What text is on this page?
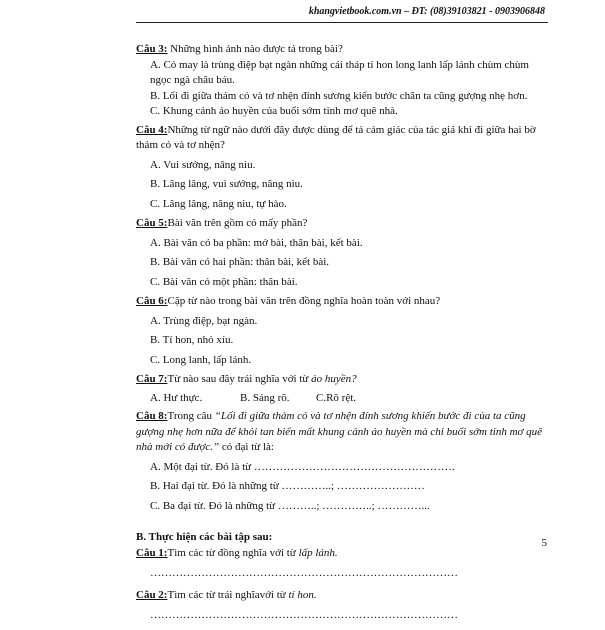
khangvietbook.com.vn – ĐT: (08)39103821 - 0903906848

Câu 3: Những hình ảnh nào được tả trong bài?

A. Cỏ may là trùng điệp bạt ngàn những cái tháp tí hon long lanh lấp lánh chùm chùm ngọc ngà châu báu.

B. Lối đi giữa thảm cỏ và tơ nhện đính sương kiến bước chân ta cũng gượng nhẹ hơn.

C. Khung cảnh ảo huyền của buổi sớm tinh mơ quê nhà.

Câu 4:Những từ ngữ nào dưới đây được dùng để tả cảm giác của tác giả khi đi giữa hai bờ thảm cỏ và tơ nhện?

A. Vui sướng, nâng niu.

B. Lâng lâng, vui sướng, nâng niu.

C. Lâng lâng, nâng niu, tự hào.

Câu 5:Bài văn trên gồm có mấy phần?

A. Bài văn có ba phần: mở bài, thân bài, kết bài.

B. Bài văn có hai phần: thân bài, kết bài.

C. Bài văn có một phần: thân bài.

Câu 6:Cặp từ nào trong bài văn trên đồng nghĩa hoàn toàn với nhau?

A. Trùng điệp, bạt ngàn.

B. Tí hon, nhỏ xíu.

C. Long lanh, lấp lánh.

Câu 7:Từ nào sau đây trái nghĩa với từ ảo huyền?

A. Hư thực.	B. Sáng rõ.	C.Rõ rệt.

Câu 8:Trong câu “Lối đi giữa thảm cỏ và tơ nhện đính sương khiến bước đi của ta cũng gượng nhẹ hơn nữa để khỏi tan biến mất khung cảnh ảo huyền mà chỉ buổi sớm tinh mơ quê nhà mới có được.” có đại từ là:

A. Một đại từ. Đó là từ ……………………………………………….

B. Hai đại từ. Đó là những từ …………..; ……………………

C. Ba đại từ. Đó là những từ ………..; …………..; …………...

B. Thực hiện các bài tập sau:

Câu 1:Tìm các từ đồng nghĩa với từ lấp lánh.

…………………………………………………………………………

Câu 2:Tìm các từ trái nghĩavới từ tí hon.

…………………………………………………………………………

5
